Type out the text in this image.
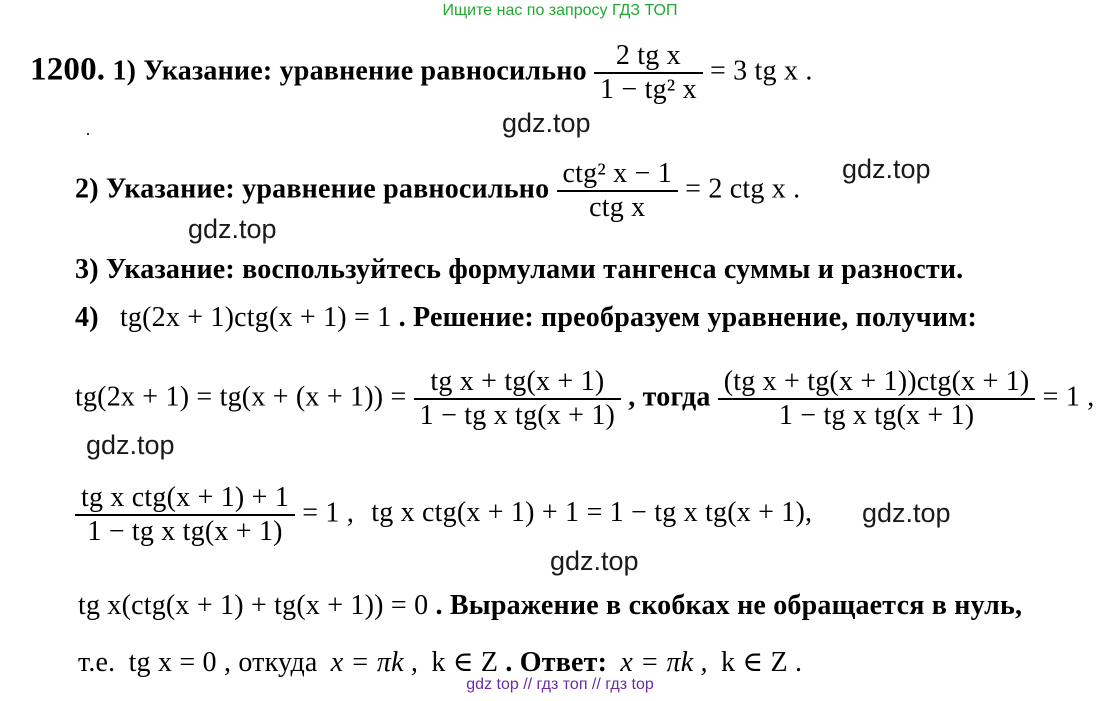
Ищите нас по запросу ГДЗ ТОП
gdz top // гдз топ // гдз top
1200. 1) Указание: уравнение равносильно $\frac{\text{2 tg x}}{\text{1 − tg² x}} = 3$ tg x .
gdz.top
2) Указание: уравнение равносильно $\frac{\text{ctg² x − 1}}{\text{ctg x}} = 2$ ctg x .
gdz.top
gdz.top
3) Указание: воспользуйтесь формулами тангенса суммы и разности.
4) tg(2x + 1)ctg(x + 1) = 1 . Решение: преобразуем уравнение, получим:
$tg(2x + 1) = tg(x + (x + 1)) = \frac{\text{tg x + tg(x + 1)}}{\text{1 − tg x tg(x + 1)}}$ , тогда $\frac{\text{(tg x + tg(x + 1))ctg(x + 1)}}{\text{1 − tg x tg(x + 1)}} = 1$ ,
gdz.top
$\frac{\text{tg x ctg(x + 1) + 1}}{\text{1 − tg x tg(x + 1)}} = 1$ , tg x ctg(x + 1) + 1 = 1 − tg x tg(x + 1), gdz.top
gdz.top
tg x(ctg(x + 1) + tg(x + 1)) = 0 . Выражение в скобках не обращается в нуль,
т.е. tg x = 0 , откуда x = πk , k ∈ Z . Ответ: x = πk , k ∈ Z .
